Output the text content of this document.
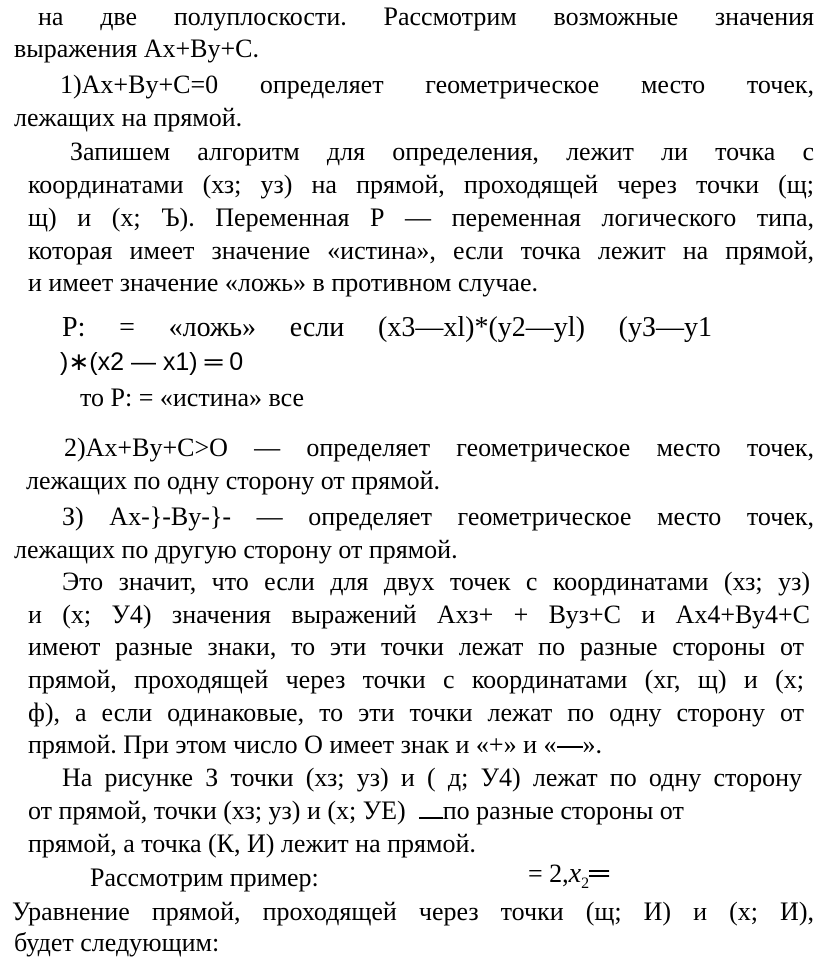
на две полуплоскости. Рассмотрим возможные значения
выражения Ax+By+C.
1)Ax+By+C=0 определяет геометрическое место точек,
лежащих на прямой.
Запишем алгоритм для определения, лежит ли точка с
координатами (хз; уз) на прямой, проходящей через точки (щ;
щ) и (х; Ъ). Переменная Р — переменная логического типа,
которая имеет значение «истина», если точка лежит на прямой,
и имеет значение «ложь» в противном случае.
P: = «ложь» если (x3—xl)*(y2—yl) (yЗ—y1
)∗(x2 — x1) ═ 0
то P: = «истина» все
2)Ax+By+C>O — определяет геометрическое место точек,
лежащих по одну сторону от прямой.
З) Ax-}-By-}- — определяет геометрическое место точек,
лежащих по другую сторону от прямой.
Это значит, что если для двух точек с координатами (хз; уз)
и (х; У4) значения выражений Ахз+ + Вуз+С и Ах4+Ву4+С
имеют разные знаки, то эти точки лежат по разные стороны от
прямой, проходящей через точки с координатами (хг, щ) и (х;
ф), а если одинаковые, то эти точки лежат по одну сторону от
прямой. При этом число О имеет знак и «+» и « ».
На рисунке З точки (хз; уз) и ( д; У4) лежат по одну сторону
от прямой, точки (хз; уз) и (х; УЕ) по разные стороны от
прямой, а точка (К, И) лежит на прямой.
Рассмотрим пример:	= $2,x_2═$
Уравнение прямой, проходящей через точки (щ; И) и (х; И),
будет следующим:
